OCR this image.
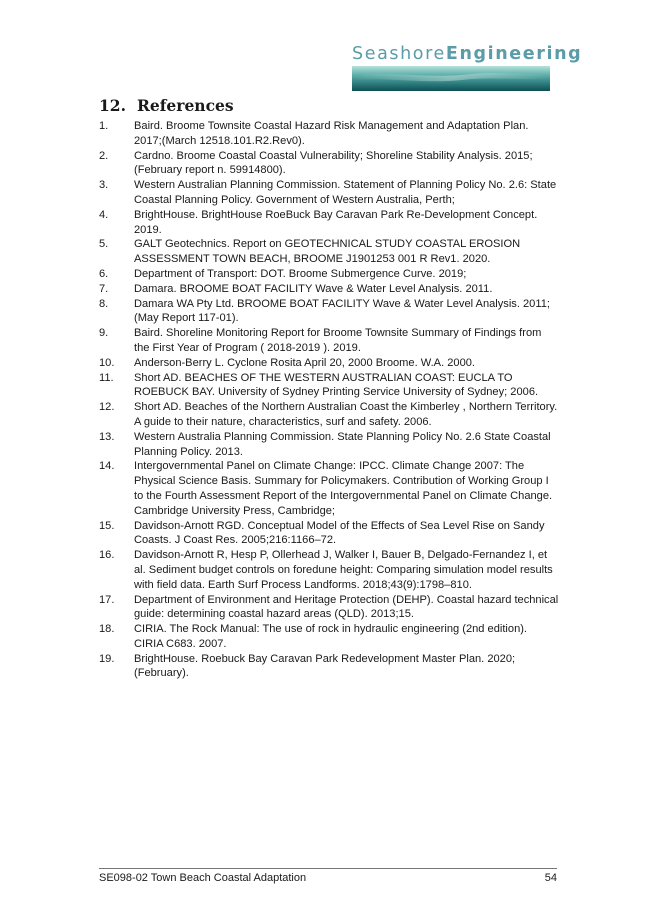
SeashoreEngineering
12. References
1. Baird. Broome Townsite Coastal Hazard Risk Management and Adaptation Plan. 2017;(March 12518.101.R2.Rev0).
2. Cardno. Broome Coastal Coastal Vulnerability; Shoreline Stability Analysis. 2015;(February report n. 59914800).
3. Western Australian Planning Commission. Statement of Planning Policy No. 2.6: State Coastal Planning Policy. Government of Western Australia, Perth;
4. BrightHouse. BrightHouse RoeBuck Bay Caravan Park Re-Development Concept. 2019.
5. GALT Geotechnics. Report on GEOTECHNICAL STUDY COASTAL EROSION ASSESSMENT TOWN BEACH, BROOME J1901253 001 R Rev1. 2020.
6. Department of Transport: DOT. Broome Submergence Curve. 2019;
7. Damara. BROOME BOAT FACILITY Wave & Water Level Analysis. 2011.
8. Damara WA Pty Ltd. BROOME BOAT FACILITY Wave & Water Level Analysis. 2011;(May Report 117-01).
9. Baird. Shoreline Monitoring Report for Broome Townsite Summary of Findings from the First Year of Program ( 2018-2019 ). 2019.
10. Anderson-Berry L. Cyclone Rosita April 20, 2000 Broome. W.A. 2000.
11. Short AD. BEACHES OF THE WESTERN AUSTRALIAN COAST: EUCLA TO ROEBUCK BAY. University of Sydney Printing Service University of Sydney; 2006.
12. Short AD. Beaches of the Northern Australian Coast the Kimberley , Northern Territory. A guide to their nature, characteristics, surf and safety. 2006.
13. Western Australia Planning Commission. State Planning Policy No. 2.6 State Coastal Planning Policy. 2013.
14. Intergovernmental Panel on Climate Change: IPCC. Climate Change 2007: The Physical Science Basis. Summary for Policymakers. Contribution of Working Group I to the Fourth Assessment Report of the Intergovernmental Panel on Climate Change. Cambridge University Press, Cambridge;
15. Davidson-Arnott RGD. Conceptual Model of the Effects of Sea Level Rise on Sandy Coasts. J Coast Res. 2005;216:1166–72.
16. Davidson-Arnott R, Hesp P, Ollerhead J, Walker I, Bauer B, Delgado-Fernandez I, et al. Sediment budget controls on foredune height: Comparing simulation model results with field data. Earth Surf Process Landforms. 2018;43(9):1798–810.
17. Department of Environment and Heritage Protection (DEHP). Coastal hazard technical guide: determining coastal hazard areas (QLD). 2013;15.
18. CIRIA. The Rock Manual: The use of rock in hydraulic engineering (2nd edition). CIRIA C683. 2007.
19. BrightHouse. Roebuck Bay Caravan Park Redevelopment Master Plan. 2020;(February).
SE098-02 Town Beach Coastal Adaptation	54
